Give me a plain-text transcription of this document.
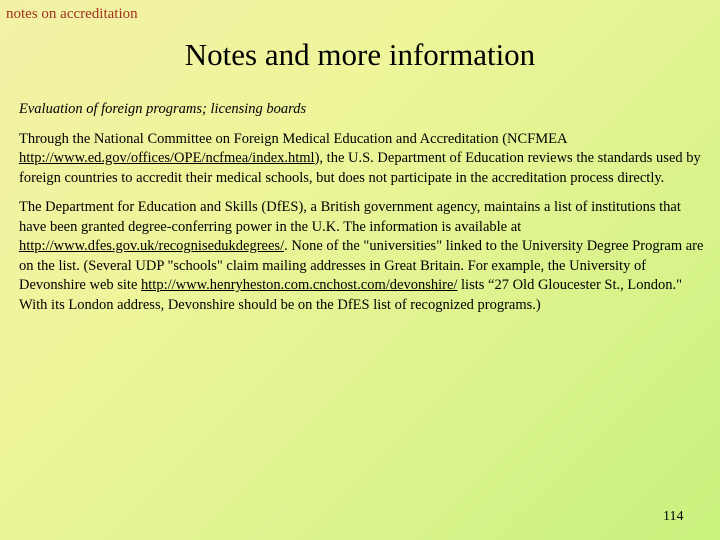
notes on accreditation
Notes and more information

Evaluation of foreign programs; licensing boards

Through the National Committee on Foreign Medical Education and Accreditation (NCFMEA http://www.ed.gov/offices/OPE/ncfmea/index.html), the U.S. Department of Education reviews the standards used by foreign countries to accredit their medical schools, but does not participate in the accreditation process directly.

The Department for Education and Skills (DfES), a British government agency, maintains a list of institutions that have been granted degree-conferring power in the U.K. The information is available at http://www.dfes.gov.uk/recognisedukdegrees/. None of the "universities" linked to the University Degree Program are on the list. (Several UDP "schools" claim mailing addresses in Great Britain. For example, the University of Devonshire web site http://www.henryheston.com.cnchost.com/devonshire/ lists “27 Old Gloucester St., London." With its London address, Devonshire should be on the DfES list of recognized programs.)

114
